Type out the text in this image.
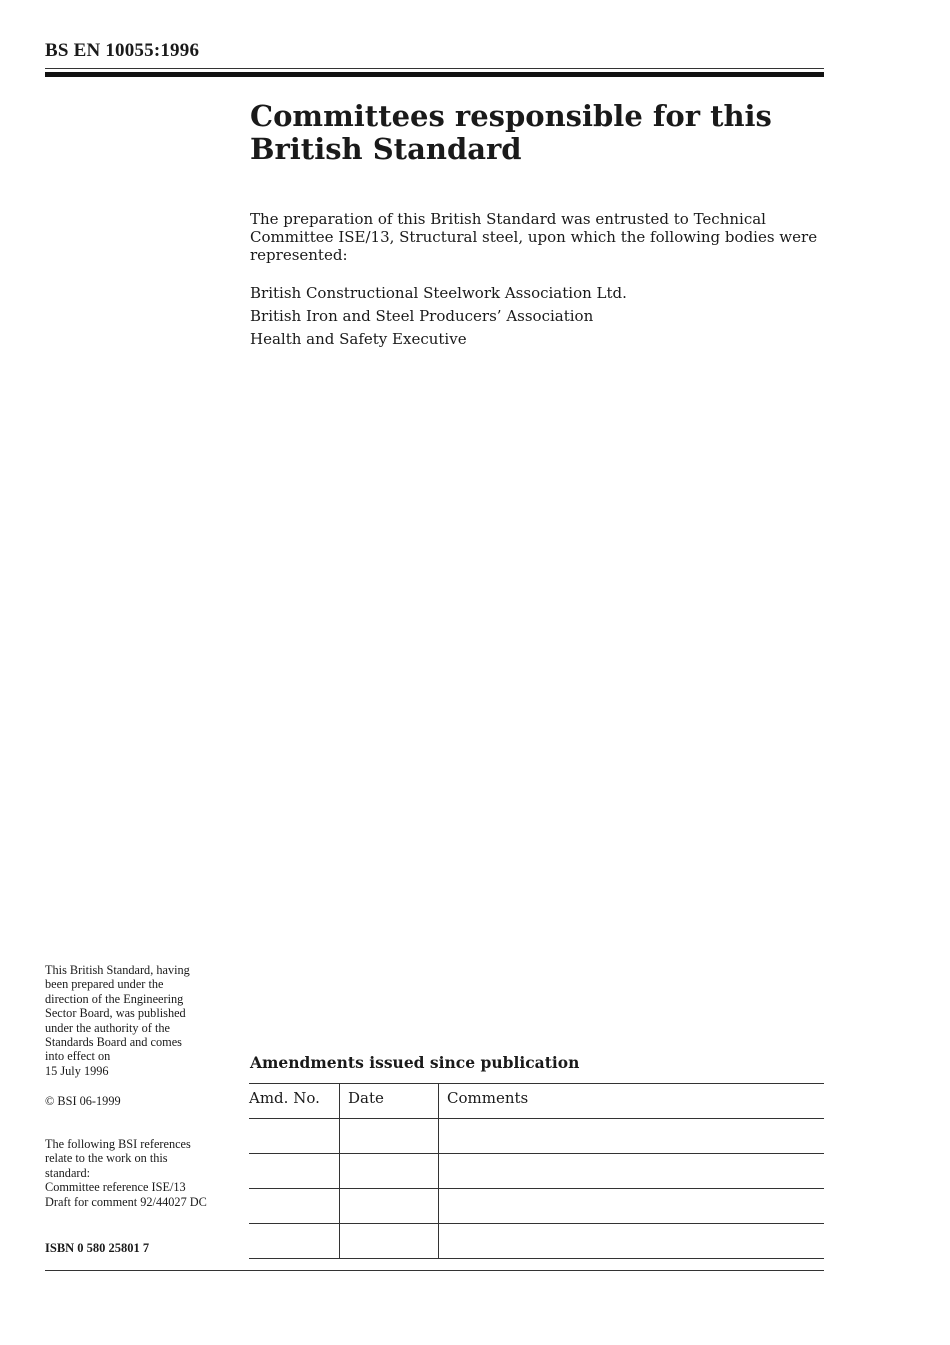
BS EN 10055:1996
Committees responsible for this
British Standard

The preparation of this British Standard was entrusted to Technical Committee ISE/13, Structural steel, upon which the following bodies were represented:

British Constructional Steelwork Association Ltd.
British Iron and Steel Producers’ Association
Health and Safety Executive

This British Standard, having

been prepared under the

direction of the Engineering

Sector Board, was published

under the authority of the

Standards Board and comes

into effect on

15 July 1996

© BSI 06-1999

The following BSI references

relate to the work on this

standard:

Committee reference ISE/13

Draft for comment 92/44027 DC

ISBN 0 580 25801 7
Amendments issued since publication
Amd. No.	Date	Comments
